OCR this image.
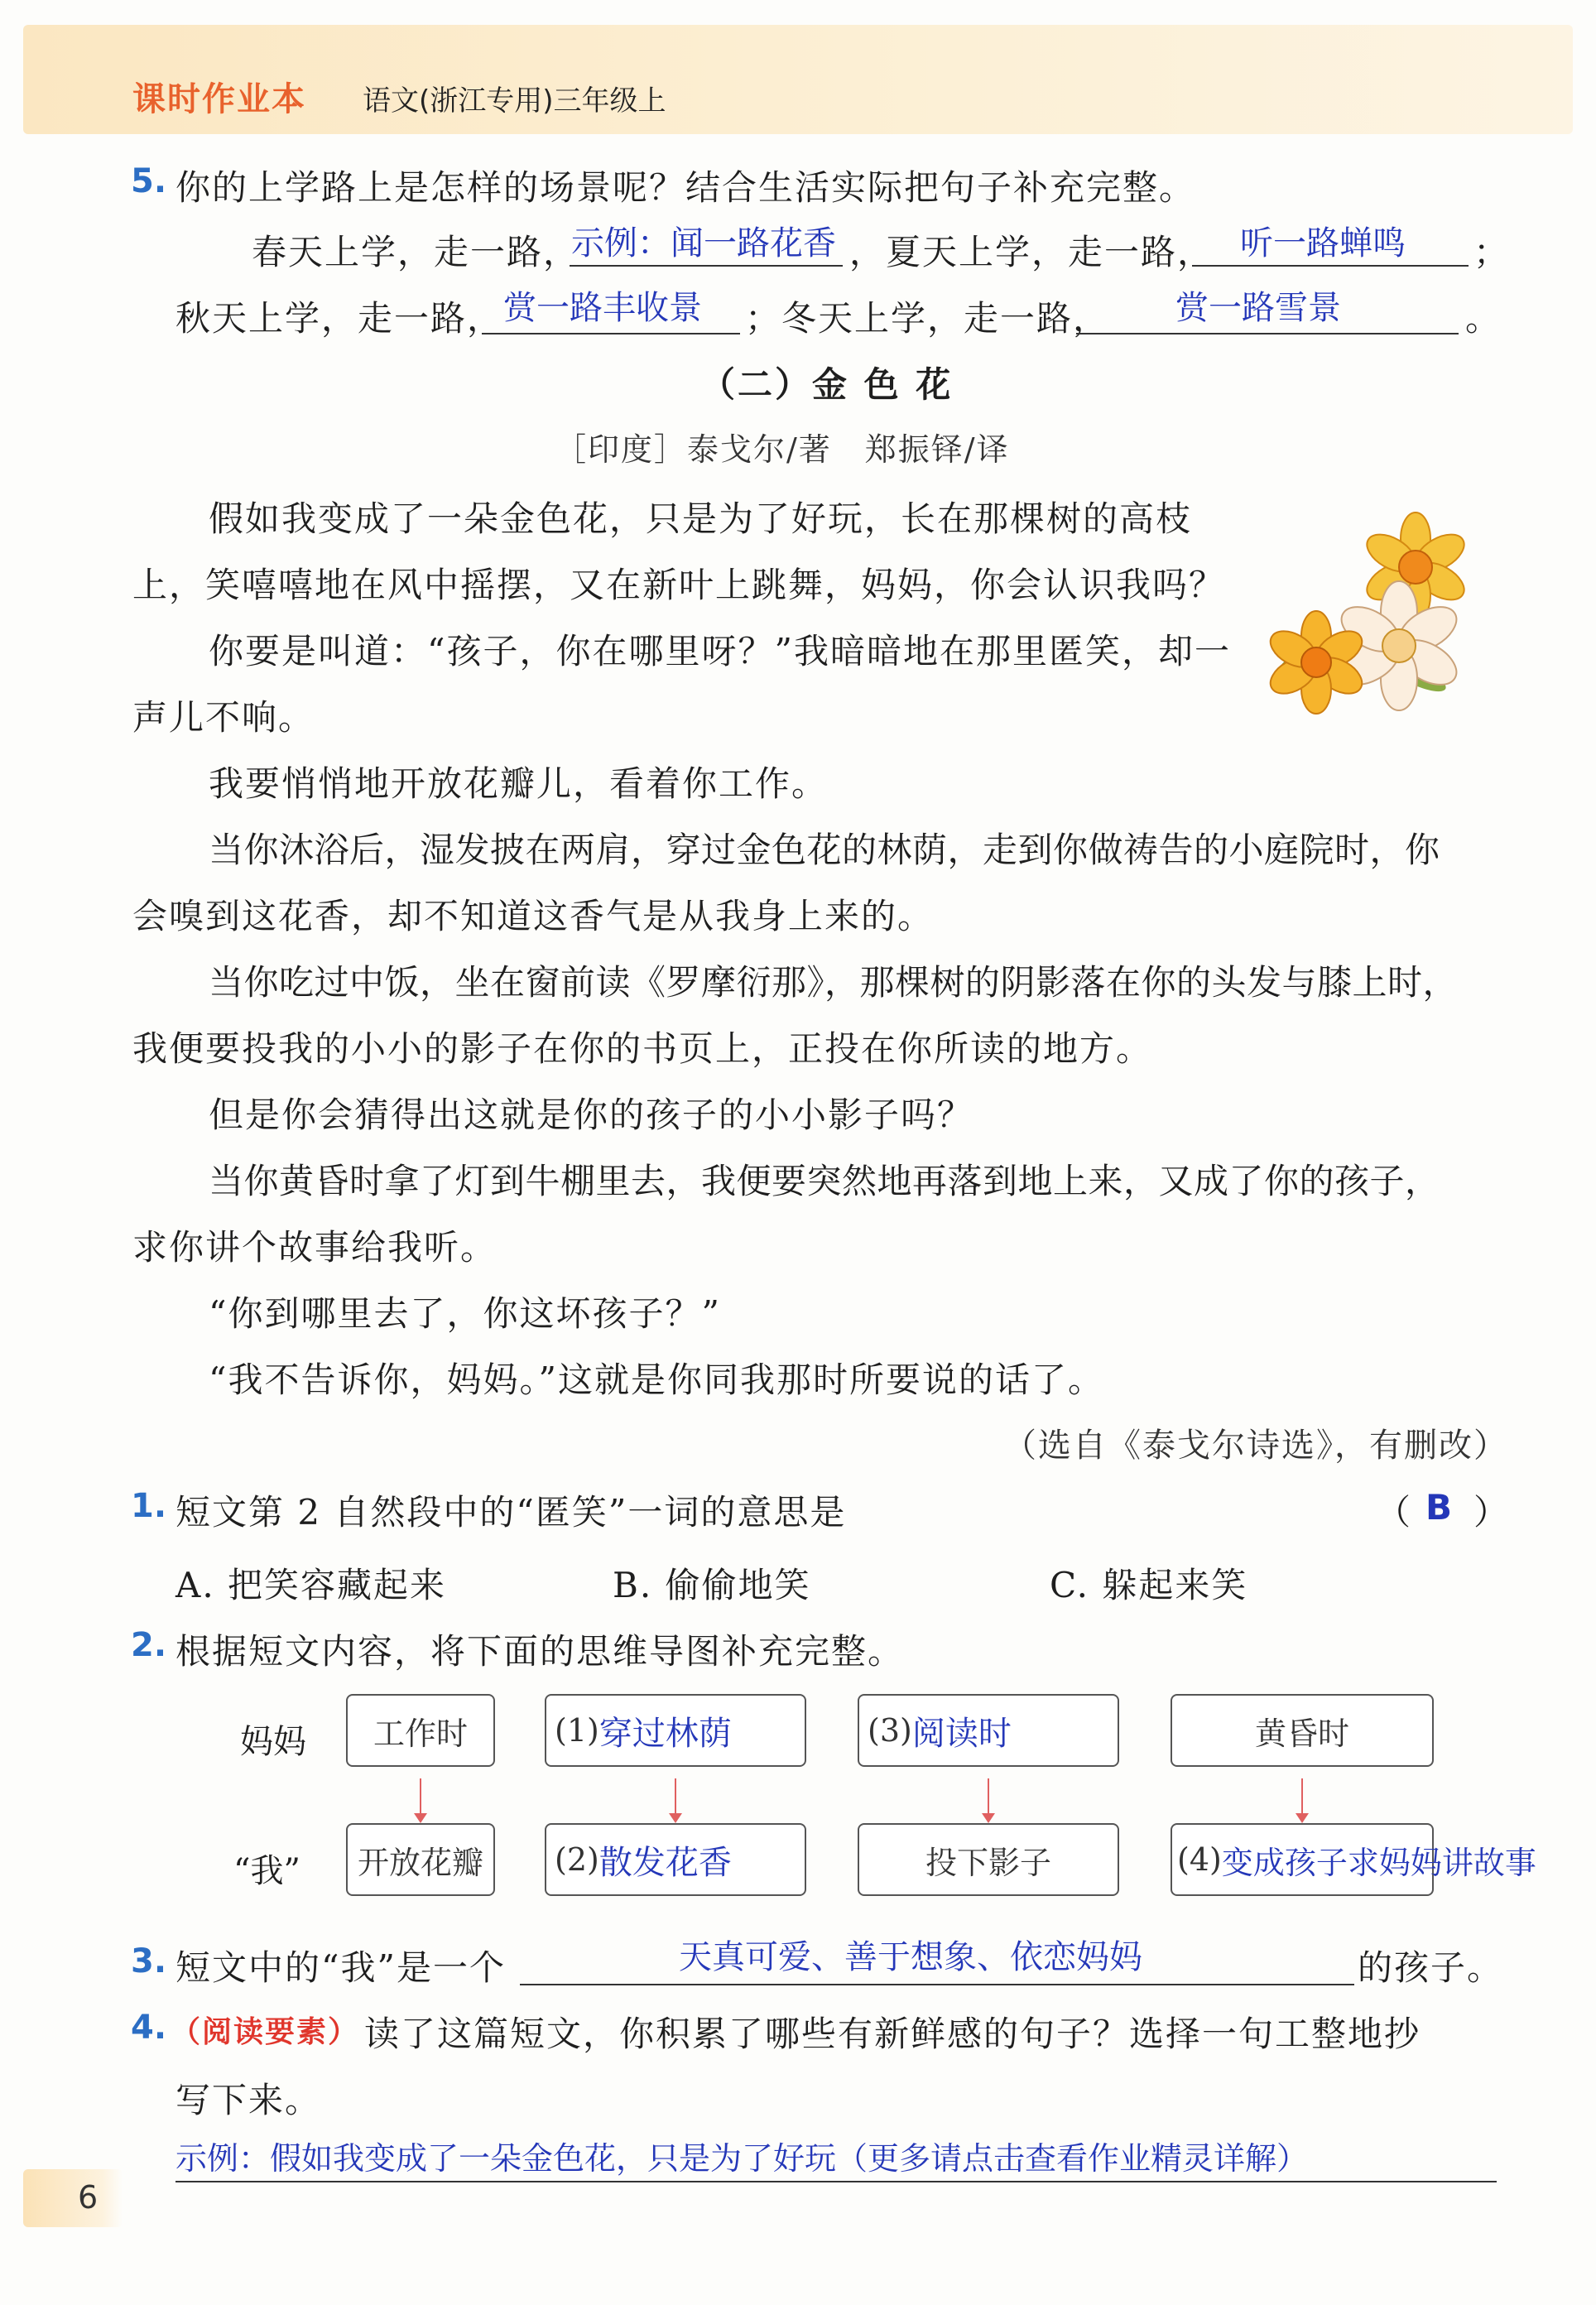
课时作业本 语文(浙江专用)三年级上
5. 你的上学路上是怎样的场景呢？结合生活实际把句子补充完整。
春天上学，走一路，
示例：闻一路花香 ，夏天上学，走一路， 听一路蝉鸣 ；
秋天上学，走一路， 赏一路丰收景 ；冬天上学，走一路， 赏一路雪景	。
（二）金 色 花
［印度］泰戈尔/著　郑振铎/译
假如我变成了一朵金色花，只是为了好玩，长在那棵树的高枝
上，笑嘻嘻地在风中摇摆，又在新叶上跳舞，妈妈，你会认识我吗？
你要是叫道：“孩子，你在哪里呀？”我暗暗地在那里匿笑，却一
声儿不响。
我要悄悄地开放花瓣儿，看着你工作。
当你沐浴后，湿发披在两肩，穿过金色花的林荫，走到你做祷告的小庭院时，你
会嗅到这花香，却不知道这香气是从我身上来的。
当你吃过中饭，坐在窗前读《罗摩衍那》，那棵树的阴影落在你的头发与膝上时，
我便要投我的小小的影子在你的书页上，正投在你所读的地方。
但是你会猜得出这就是你的孩子的小小影子吗？
当你黄昏时拿了灯到牛棚里去，我便要突然地再落到地上来，又成了你的孩子，
求你讲个故事给我听。
“你到哪里去了，你这坏孩子？”
“我不告诉你，妈妈。”这就是你同我那时所要说的话了。
（选自《泰戈尔诗选》，有删改）
1. 短文第 2 自然段中的“匿笑”一词的意思是	（ B ）
A. 把笑容藏起来	B. 偷偷地笑	C. 躲起来笑
2. 根据短文内容，将下面的思维导图补充完整。
妈妈
“我”
工作时	(1) 穿过林荫	(3) 阅读时	黄昏时
开放花瓣 (2) 散发花香	投下影子	(4) 变成孩子求妈妈讲故事
3. 短文中的“我”是一个	天真可爱、善于想象、依恋妈妈	的孩子。
4. （阅读要素） 读了这篇短文，你积累了哪些有新鲜感的句子？选择一句工整地抄
写下来。
示例：假如我变成了一朵金色花，只是为了好玩（更多请点击查看作业精灵详解）
6
